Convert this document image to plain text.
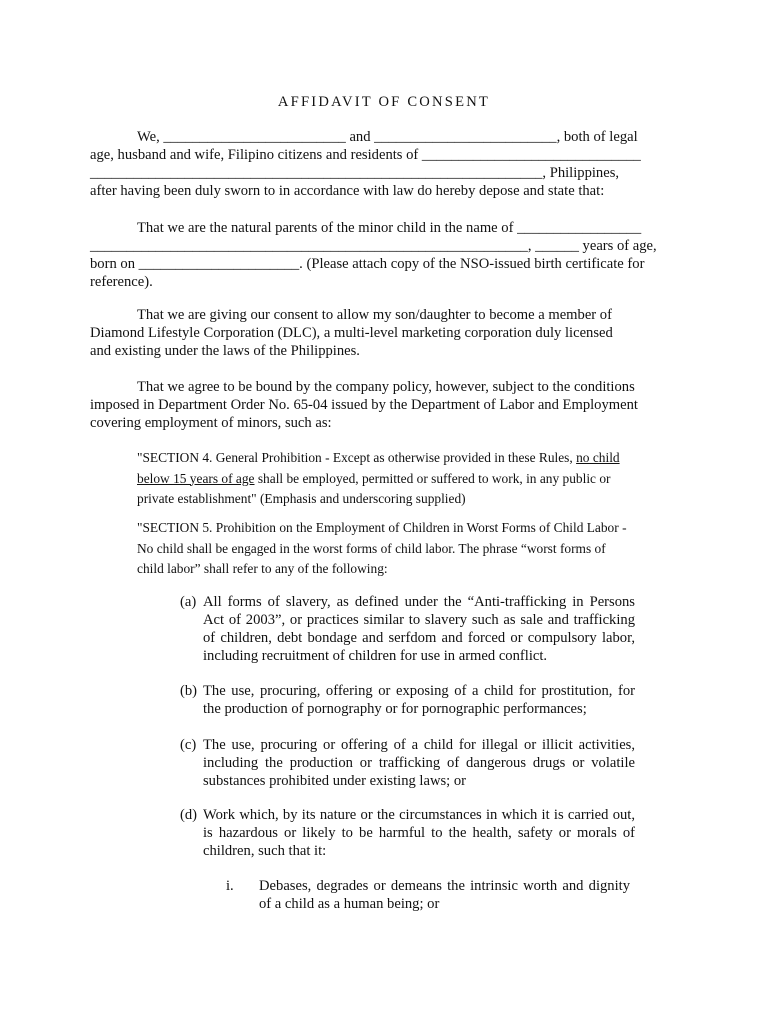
AFFIDAVIT OF CONSENT
We, _________________________ and _________________________, both of legal
age, husband and wife, Filipino citizens and residents of ______________________________
______________________________________________________________, Philippines,
after having been duly sworn to in accordance with law do hereby depose and state that:
That we are the natural parents of the minor child in the name of _________________
____________________________________________________________, ______ years of age,
born on ______________________. (Please attach copy of the NSO-issued birth certificate for
reference).
That we are giving our consent to allow my son/daughter to become a member of
Diamond Lifestyle Corporation (DLC), a multi-level marketing corporation duly licensed
and existing under the laws of the Philippines.
That we agree to be bound by the company policy, however, subject to the conditions
imposed in Department Order No. 65-04 issued by the Department of Labor and Employment
covering employment of minors, such as:
"SECTION 4. General Prohibition - Except as otherwise provided in these Rules, no child below 15 years of age shall be employed, permitted or suffered to work, in any public or private establishment" (Emphasis and underscoring supplied)
"SECTION 5. Prohibition on the Employment of Children in Worst Forms of Child Labor - No child shall be engaged in the worst forms of child labor. The phrase “worst forms of child labor” shall refer to any of the following:
(a) All forms of slavery, as defined under the “Anti-trafficking in Persons Act of 2003”, or practices similar to slavery such as sale and trafficking of children, debt bondage and serfdom and forced or compulsory labor, including recruitment of children for use in armed conflict.
(b) The use, procuring, offering or exposing of a child for prostitution, for the production of pornography or for pornographic performances;
(c) The use, procuring or offering of a child for illegal or illicit activities, including the production or trafficking of dangerous drugs or volatile substances prohibited under existing laws; or
(d) Work which, by its nature or the circumstances in which it is carried out, is hazardous or likely to be harmful to the health, safety or morals of children, such that it:
i. Debases, degrades or demeans the intrinsic worth and dignity of a child as a human being; or
